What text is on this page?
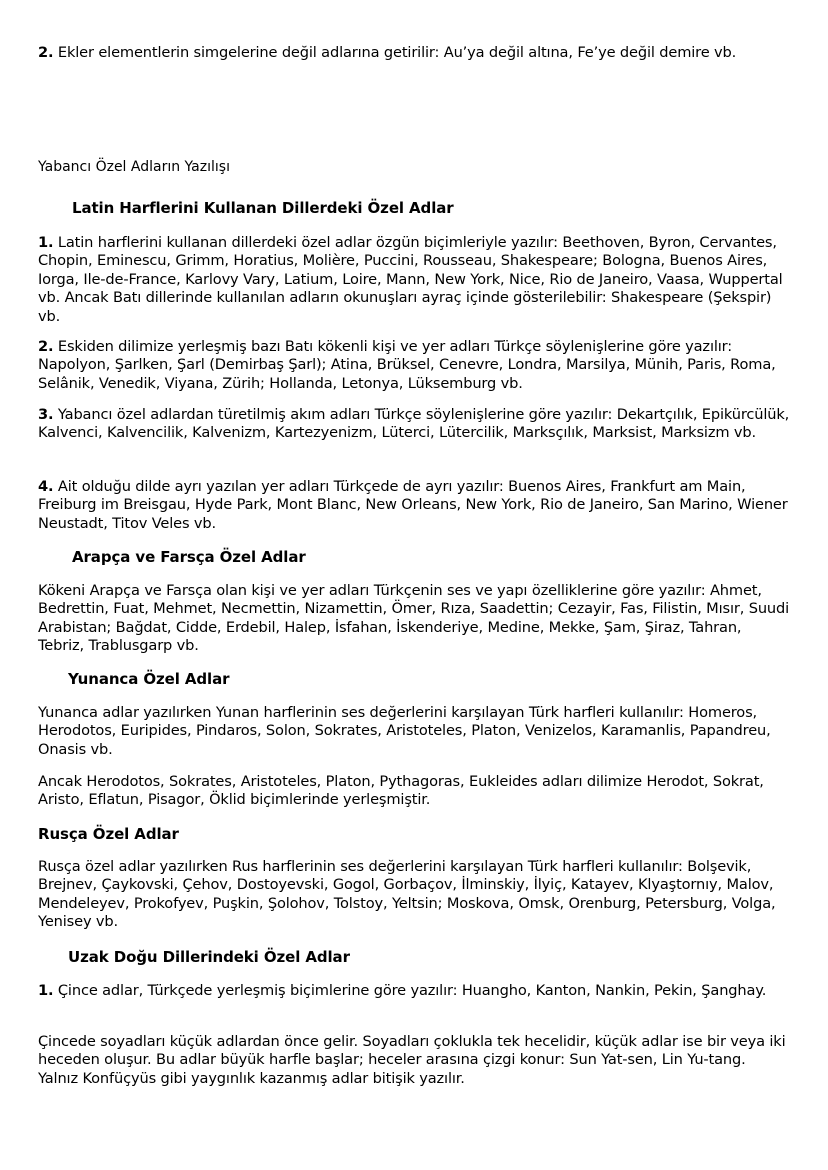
2. Ekler elementlerin simgelerine değil adlarına getirilir: Au’ya değil altına, Fe’ye değil demire vb.

Yabancı Özel Adların Yazılışı

Latin Harflerini Kullanan Dillerdeki Özel Adlar

1. Latin harflerini kullanan dillerdeki özel adlar özgün biçimleriyle yazılır: Beethoven, Byron, Cervantes, Chopin, Eminescu, Grimm, Horatius, Molière, Puccini, Rousseau, Shakespeare; Bologna, Buenos Aires, Iorga, Ile-de-France, Karlovy Vary, Latium, Loire, Mann, New York, Nice, Rio de Janeiro, Vaasa, Wuppertal vb. Ancak Batı dillerinde kullanılan adların okunuşları ayraç içinde gösterilebilir: Shakespeare (Şekspir) vb.

2. Eskiden dilimize yerleşmiş bazı Batı kökenli kişi ve yer adları Türkçe söylenişlerine göre yazılır: Napolyon, Şarlken, Şarl (Demirbaş Şarl); Atina, Brüksel, Cenevre, Londra, Marsilya, Münih, Paris, Roma, Selânik, Venedik, Viyana, Zürih; Hollanda, Letonya, Lüksemburg vb.

3. Yabancı özel adlardan türetilmiş akım adları Türkçe söylenişlerine göre yazılır: Dekartçılık, Epikürcülük, Kalvenci, Kalvencilik, Kalvenizm, Kartezyenizm, Lüterci, Lütercilik, Marksçılık, Marksist, Marksizm vb.

4. Ait olduğu dilde ayrı yazılan yer adları Türkçede de ayrı yazılır: Buenos Aires, Frankfurt am Main, Freiburg im Breisgau, Hyde Park, Mont Blanc, New Orleans, New York, Rio de Janeiro, San Marino, Wiener Neustadt, Titov Veles vb.

Arapça ve Farsça Özel Adlar

Kökeni Arapça ve Farsça olan kişi ve yer adları Türkçenin ses ve yapı özelliklerine göre yazılır: Ahmet, Bedrettin, Fuat, Mehmet, Necmettin, Nizamettin, Ömer, Rıza, Saadettin; Cezayir, Fas, Filistin, Mısır, Suudi Arabistan; Bağdat, Cidde, Erdebil, Halep, İsfahan, İskenderiye, Medine, Mekke, Şam, Şiraz, Tahran, Tebriz, Trablusgarp vb.

Yunanca Özel Adlar

Yunanca adlar yazılırken Yunan harflerinin ses değerlerini karşılayan Türk harfleri kullanılır: Homeros, Herodotos, Euripides, Pindaros, Solon, Sokrates, Aristoteles, Platon, Venizelos, Karamanlis, Papandreu, Onasis vb.

Ancak Herodotos, Sokrates, Aristoteles, Platon, Pythagoras, Eukleides adları dilimize Herodot, Sokrat, Aristo, Eflatun, Pisagor, Öklid biçimlerinde yerleşmiştir.

Rusça Özel Adlar

Rusça özel adlar yazılırken Rus harflerinin ses değerlerini karşılayan Türk harfleri kullanılır: Bolşevik, Brejnev, Çaykovski, Çehov, Dostoyevski, Gogol, Gorbaçov, İlminskiy, İlyiç, Katayev, Klyaştornıy, Malov, Mendeleyev, Prokofyev, Puşkin, Şolohov, Tolstoy, Yeltsin; Moskova, Omsk, Orenburg, Petersburg, Volga, Yenisey vb.

Uzak Doğu Dillerindeki Özel Adlar

1. Çince adlar, Türkçede yerleşmiş biçimlerine göre yazılır: Huangho, Kanton, Nankin, Pekin, Şanghay.

Çincede soyadları küçük adlardan önce gelir. Soyadları çoklukla tek hecelidir, küçük adlar ise bir veya iki heceden oluşur. Bu adlar büyük harfle başlar; heceler arasına çizgi konur: Sun Yat-sen, Lin Yu-tang. Yalnız Konfüçyüs gibi yaygınlık kazanmış adlar bitişik yazılır.
